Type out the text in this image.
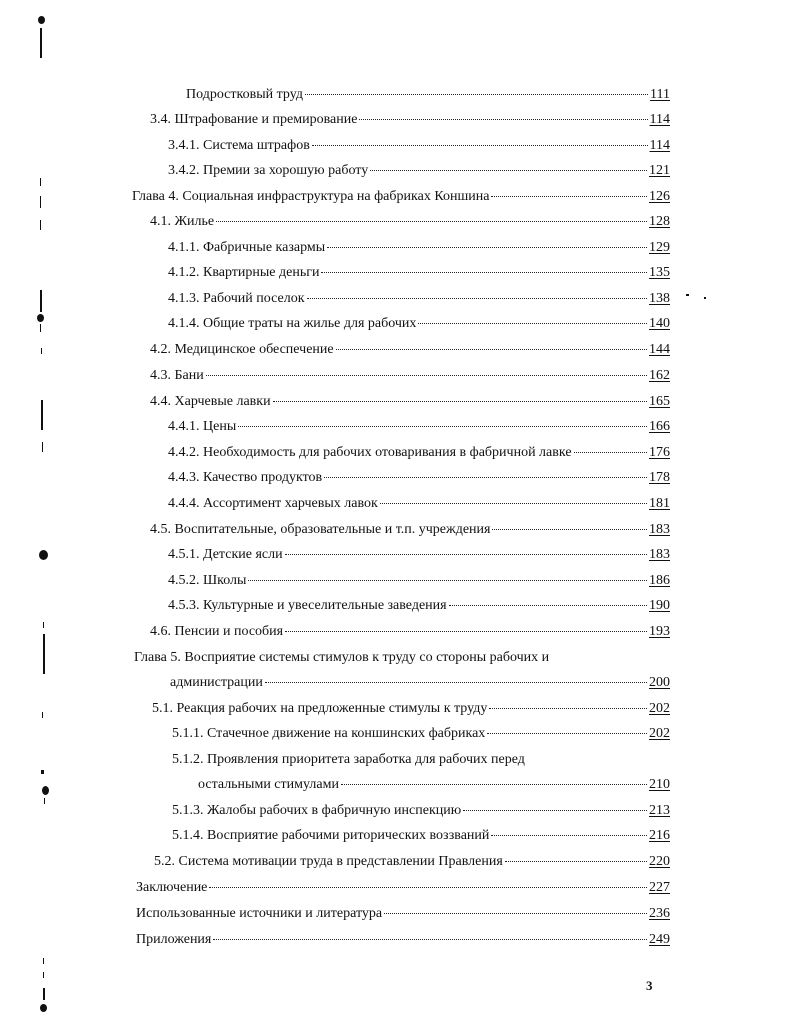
Подростковый труд	111
3.4. Штрафование и премирование	114
3.4.1. Система штрафов	114
3.4.2. Премии за хорошую работу	121
Глава 4. Социальная инфраструктура на фабриках Коншина	126
4.1. Жилье	128
4.1.1. Фабричные казармы	129
4.1.2. Квартирные деньги	135
4.1.3. Рабочий поселок	138
4.1.4. Общие траты на жилье для рабочих	140
4.2. Медицинское обеспечение	144
4.3. Бани	162
4.4. Харчевые лавки	165
4.4.1. Цены	166
4.4.2. Необходимость для рабочих отоваривания в фабричной лавке	176
4.4.3. Качество продуктов	178
4.4.4. Ассортимент харчевых лавок	181
4.5. Воспитательные, образовательные и т.п. учреждения	183
4.5.1. Детские ясли	183
4.5.2. Школы	186
4.5.3. Культурные и увеселительные заведения	190
4.6. Пенсии и пособия	193
Глава 5. Восприятие системы стимулов к труду со стороны рабочих и
администрации	200
5.1. Реакция рабочих на предложенные стимулы к труду	202
5.1.1. Стачечное движение на коншинских фабриках	202
5.1.2. Проявления приоритета заработка для рабочих перед
остальными стимулами	210
5.1.3. Жалобы рабочих в фабричную инспекцию	213
5.1.4. Восприятие рабочими риторических воззваний	216
5.2. Система мотивации труда в представлении Правления	220
Заключение	227
Использованные источники и литература	236
Приложения	249
3
